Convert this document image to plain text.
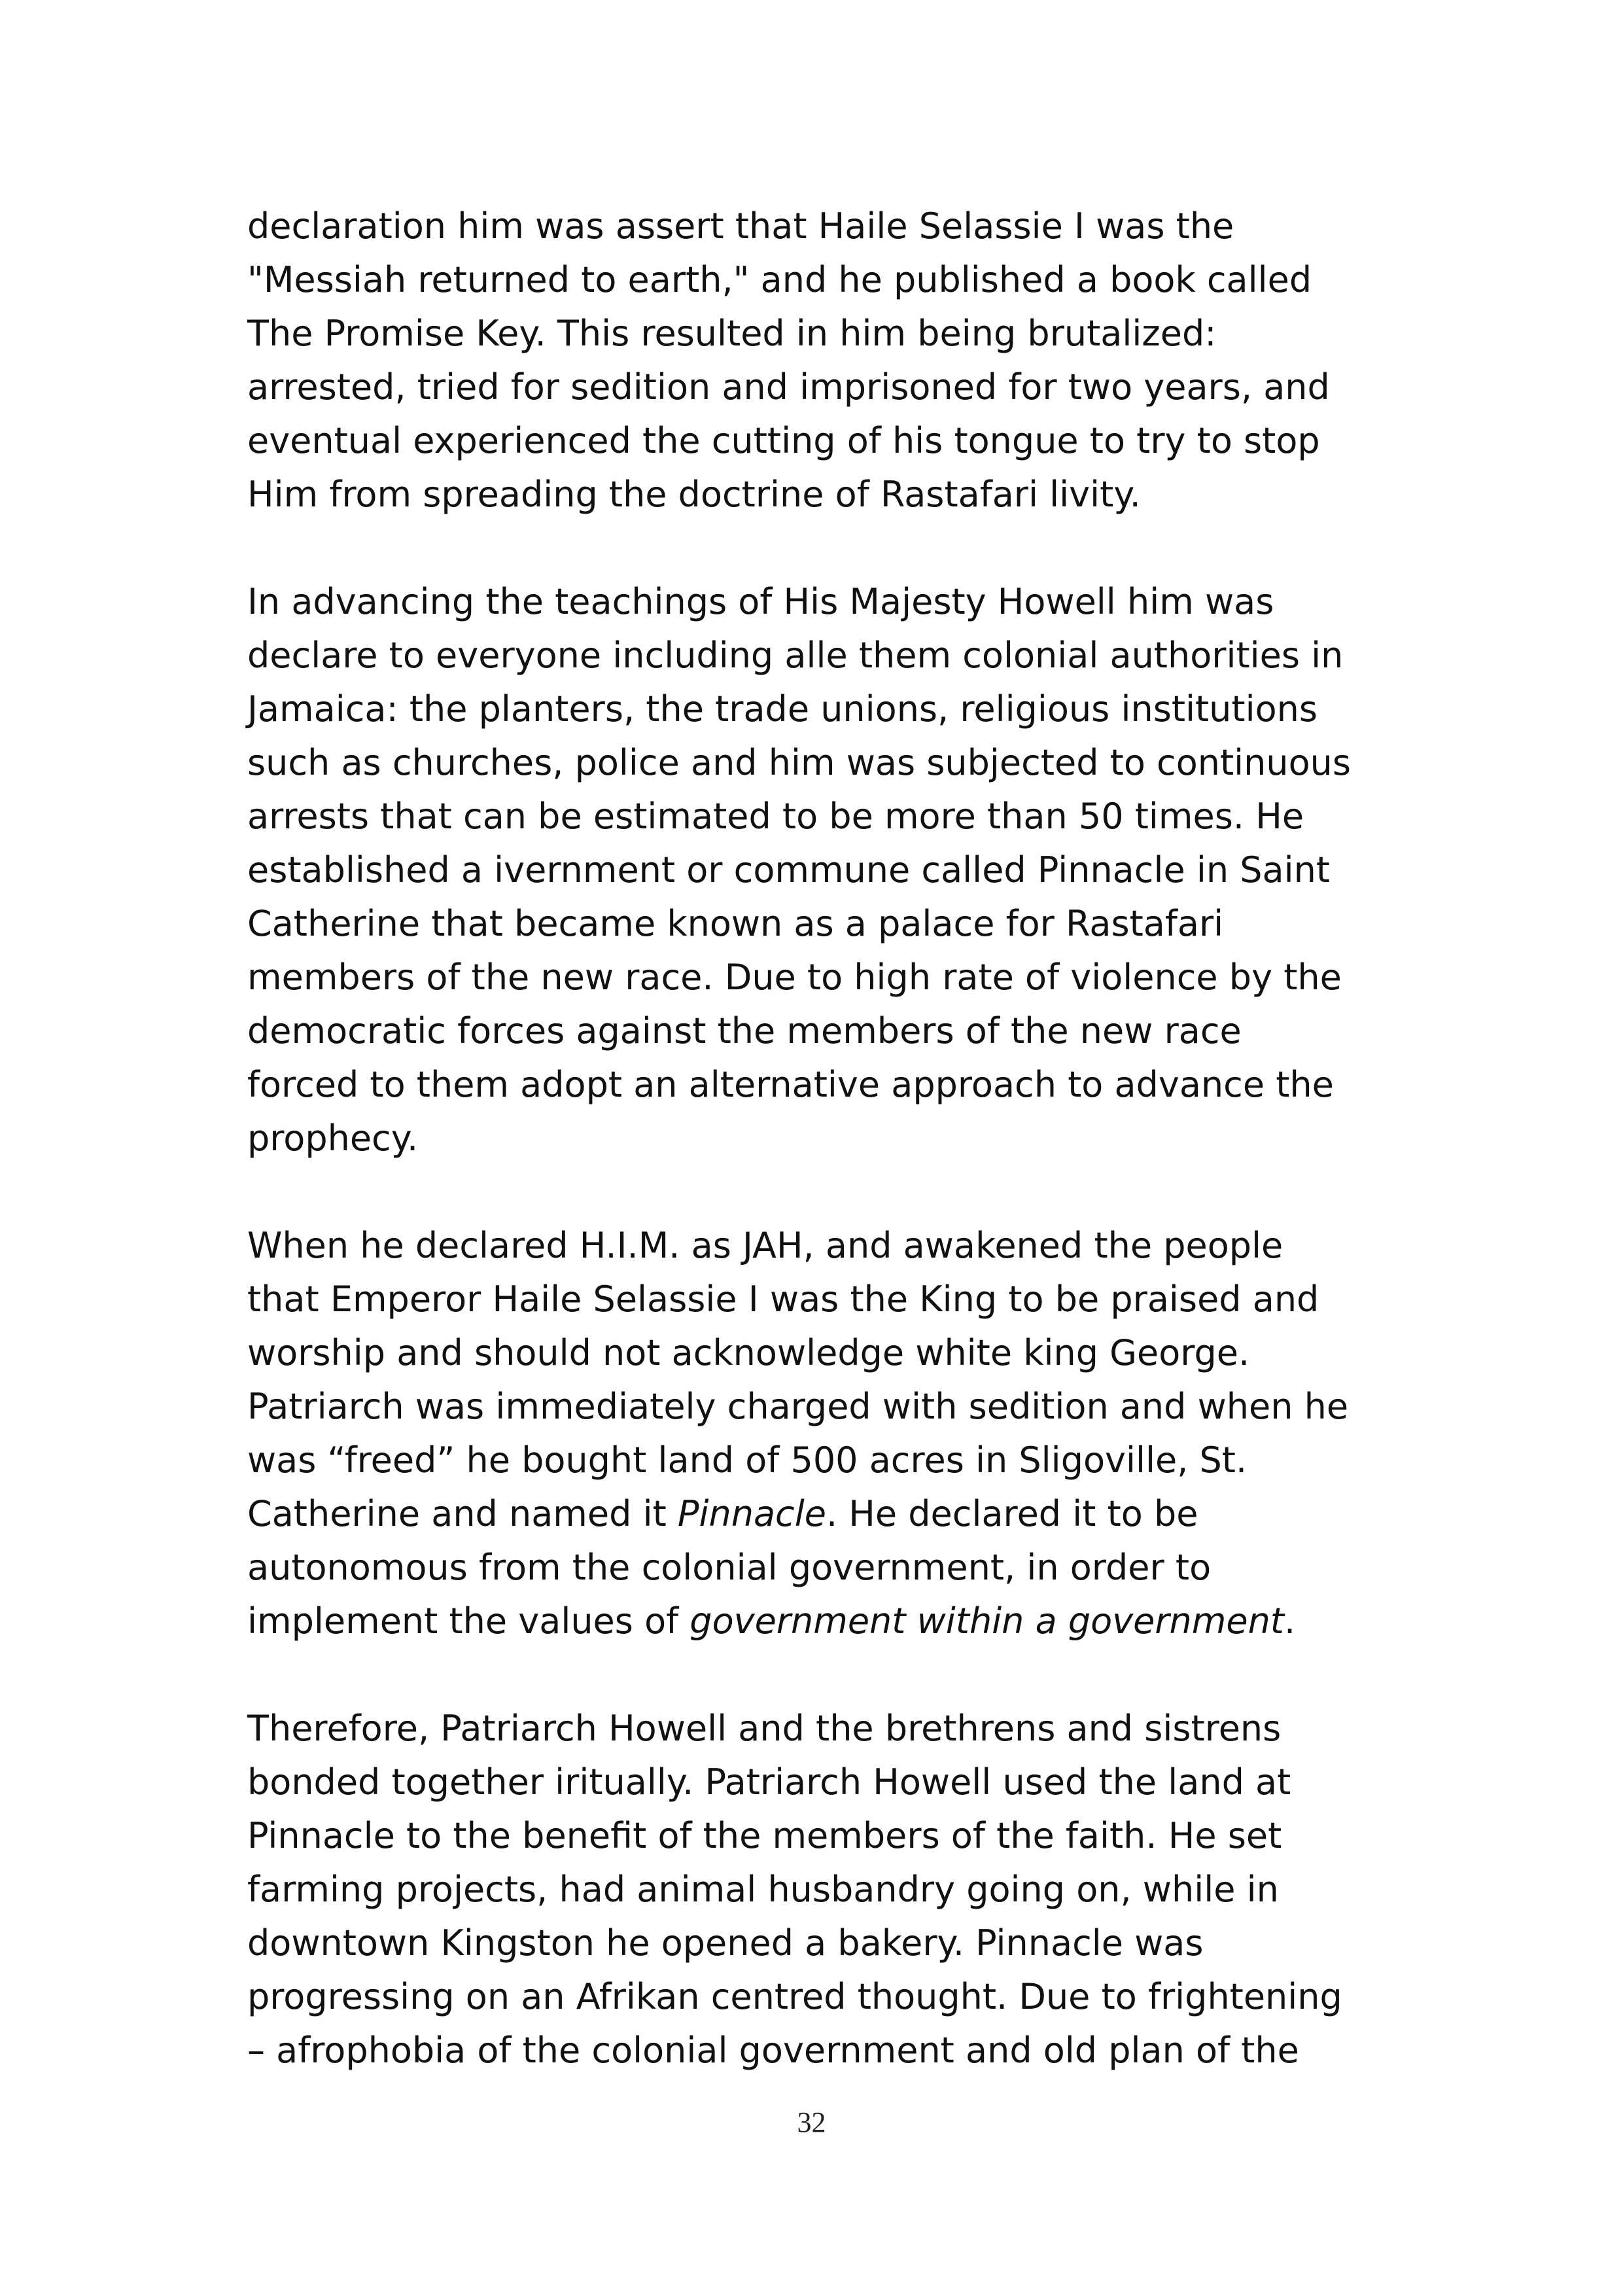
declaration him was assert that Haile Selassie I was the
"Messiah returned to earth," and he published a book called
The Promise Key. This resulted in him being brutalized:
arrested, tried for sedition and imprisoned for two years, and
eventual experienced the cutting of his tongue to try to stop
Him from spreading the doctrine of Rastafari livity.

In advancing the teachings of His Majesty Howell him was
declare to everyone including alle them colonial authorities in
Jamaica: the planters, the trade unions, religious institutions
such as churches, police and him was subjected to continuous
arrests that can be estimated to be more than 50 times. He
established a ivernment or commune called Pinnacle in Saint
Catherine that became known as a palace for Rastafari
members of the new race. Due to high rate of violence by the
democratic forces against the members of the new race
forced to them adopt an alternative approach to advance the
prophecy.

When he declared H.I.M. as JAH, and awakened the people
that Emperor Haile Selassie I was the King to be praised and
worship and should not acknowledge white king George.
Patriarch was immediately charged with sedition and when he
was “freed” he bought land of 500 acres in Sligoville, St.
Catherine and named it Pinnacle. He declared it to be
autonomous from the colonial government, in order to
implement the values of government within a government.

Therefore, Patriarch Howell and the brethrens and sistrens
bonded together iritually. Patriarch Howell used the land at
Pinnacle to the benefit of the members of the faith. He set
farming projects, had animal husbandry going on, while in
downtown Kingston he opened a bakery. Pinnacle was
progressing on an Afrikan centred thought. Due to frightening
– afrophobia of the colonial government and old plan of the

32
